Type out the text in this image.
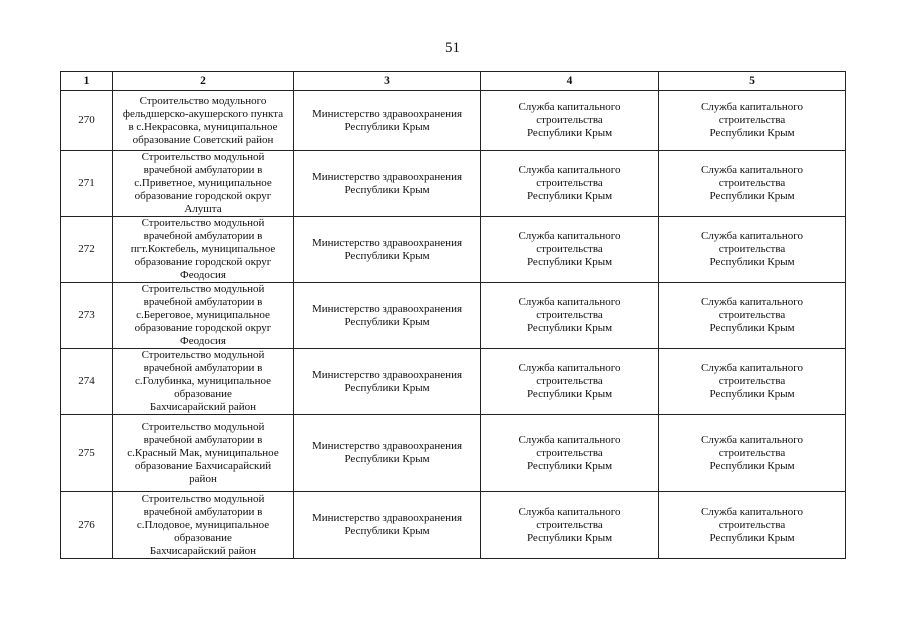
51
1	2	3	4	5
270	Строительство модульного
фельдшерско-акушерского пункта
в с.Некрасовка, муниципальное
образование Советский район	Министерство здравоохранения
Республики Крым	Служба капитального
строительства
Республики Крым	Служба капитального
строительства
Республики Крым
271	Строительство модульной
врачебной амбулатории в
с.Приветное, муниципальное
образование городской округ
Алушта	Министерство здравоохранения
Республики Крым	Служба капитального
строительства
Республики Крым	Служба капитального
строительства
Республики Крым
272	Строительство модульной
врачебной амбулатории в
пгт.Коктебель, муниципальное
образование городской округ
Феодосия	Министерство здравоохранения
Республики Крым	Служба капитального
строительства
Республики Крым	Служба капитального
строительства
Республики Крым
273	Строительство модульной
врачебной амбулатории в
с.Береговое, муниципальное
образование городской округ
Феодосия	Министерство здравоохранения
Республики Крым	Служба капитального
строительства
Республики Крым	Служба капитального
строительства
Республики Крым
274	Строительство модульной
врачебной амбулатории в
с.Голубинка, муниципальное
образование
Бахчисарайский район	Министерство здравоохранения
Республики Крым	Служба капитального
строительства
Республики Крым	Служба капитального
строительства
Республики Крым
275	Строительство модульной
врачебной амбулатории в
с.Красный Мак, муниципальное
образование Бахчисарайский
район	Министерство здравоохранения
Республики Крым	Служба капитального
строительства
Республики Крым	Служба капитального
строительства
Республики Крым
276	Строительство модульной
врачебной амбулатории в
с.Плодовое, муниципальное
образование
Бахчисарайский район	Министерство здравоохранения
Республики Крым	Служба капитального
строительства
Республики Крым	Служба капитального
строительства
Республики Крым
